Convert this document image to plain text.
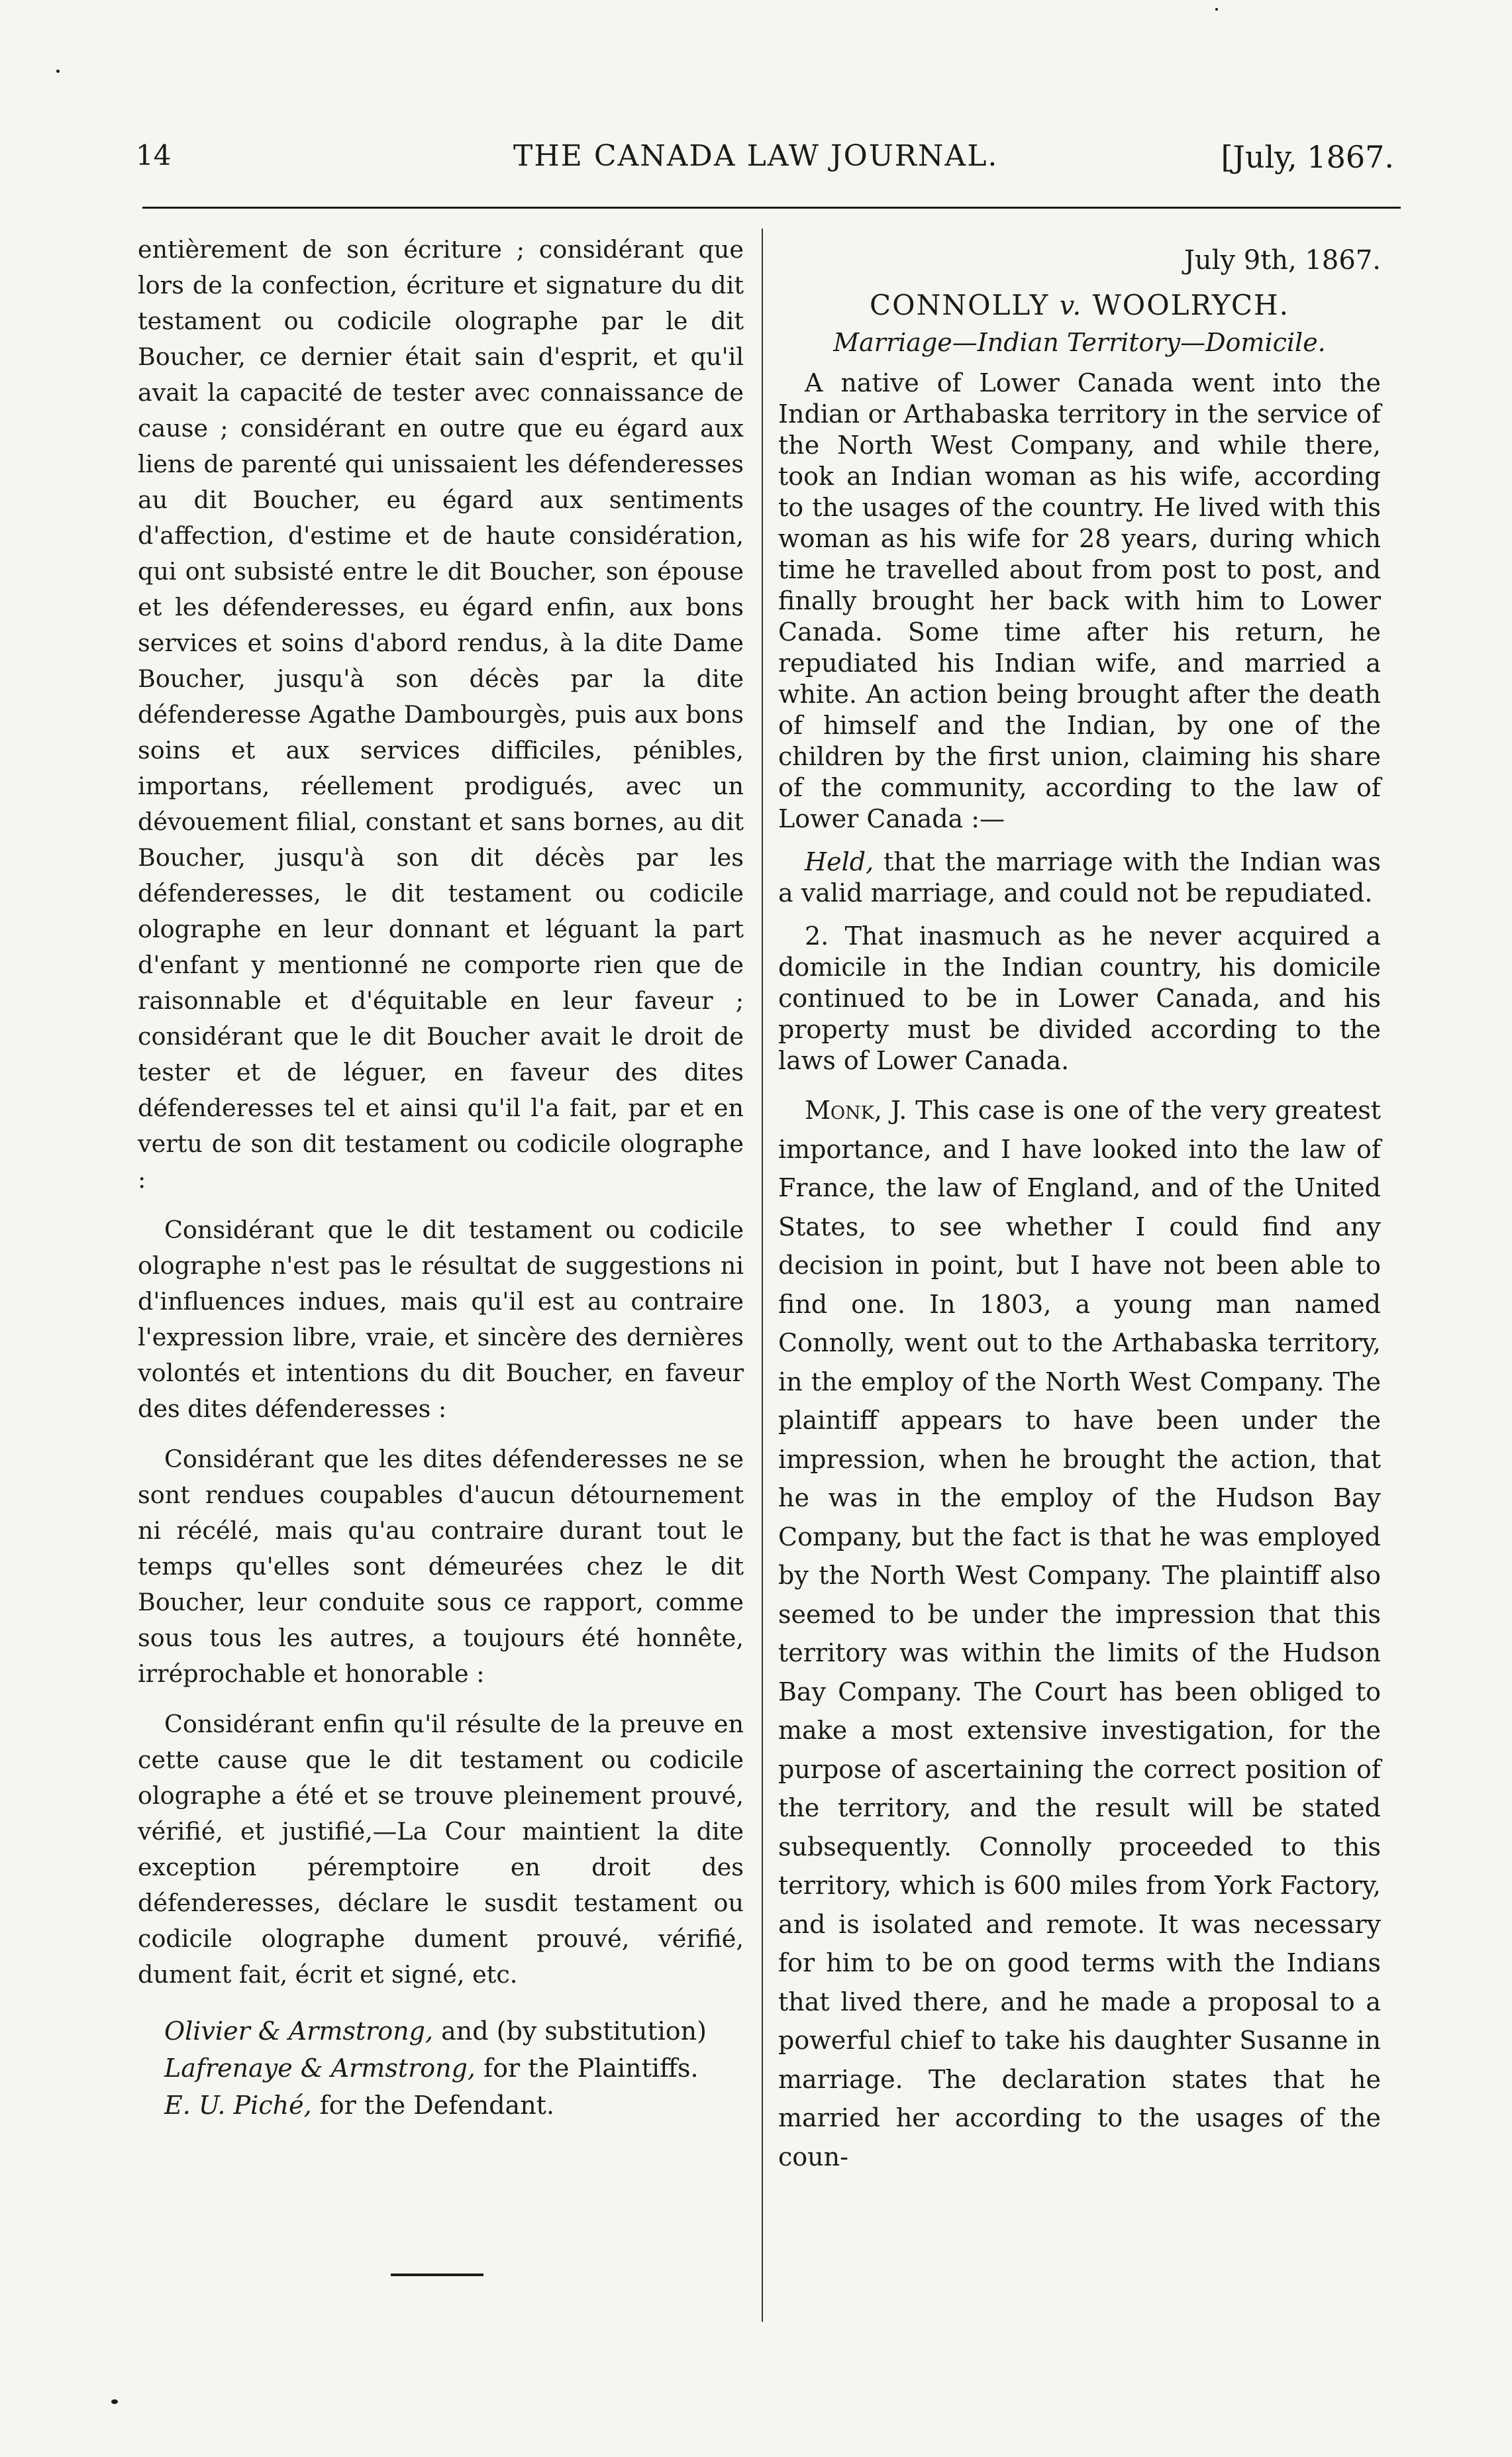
14	THE CANADA LAW JOURNAL.	[July, 1867.

entièrement de son écriture ; considérant que lors de la confection, écriture et signature du dit testament ou codicile olographe par le dit Boucher, ce dernier était sain d'esprit, et qu'il avait la capacité de tester avec connaissance de cause ; considérant en outre que eu égard aux liens de parenté qui unissaient les défenderesses au dit Boucher, eu égard aux sentiments d'affection, d'estime et de haute considération, qui ont subsisté entre le dit Boucher, son épouse et les défenderesses, eu égard enfin, aux bons services et soins d'abord rendus, à la dite Dame Boucher, jusqu'à son décès par la dite défenderesse Agathe Dambourgès, puis aux bons soins et aux services difficiles, pénibles, importans, réellement prodigués, avec un dévouement filial, constant et sans bornes, au dit Boucher, jusqu'à son dit décès par les défenderesses, le dit testament ou codicile olographe en leur donnant et léguant la part d'enfant y mentionné ne comporte rien que de raisonnable et d'équitable en leur faveur ; considérant que le dit Boucher avait le droit de tester et de léguer, en faveur des dites défenderesses tel et ainsi qu'il l'a fait, par et en vertu de son dit testament ou codicile olographe :

Considérant que le dit testament ou codicile olographe n'est pas le résultat de suggestions ni d'influences indues, mais qu'il est au contraire l'expression libre, vraie, et sincère des dernières volontés et intentions du dit Boucher, en faveur des dites défenderesses :

Considérant que les dites défenderesses ne se sont rendues coupables d'aucun détournement ni récélé, mais qu'au contraire durant tout le temps qu'elles sont démeurées chez le dit Boucher, leur conduite sous ce rapport, comme sous tous les autres, a toujours été honnête, irréprochable et honorable :

Considérant enfin qu'il résulte de la preuve en cette cause que le dit testament ou codicile olographe a été et se trouve pleinement prouvé, vérifié, et justifié,—La Cour maintient la dite exception péremptoire en droit des défenderesses, déclare le susdit testament ou codicile olographe dument prouvé, vérifié, dument fait, écrit et signé, etc.

Olivier & Armstrong, and (by substitution)
Lafrenaye & Armstrong, for the Plaintiffs.
E. U. Piché, for the Defendant.
July 9th, 1867.
CONNOLLY v. WOOLRYCH.
Marriage—Indian Territory—Domicile.

A native of Lower Canada went into the Indian or Arthabaska territory in the service of the North West Company, and while there, took an Indian woman as his wife, according to the usages of the country. He lived with this woman as his wife for 28 years, during which time he travelled about from post to post, and finally brought her back with him to Lower Canada. Some time after his return, he repudiated his Indian wife, and married a white. An action being brought after the death of himself and the Indian, by one of the children by the first union, claiming his share of the community, according to the law of Lower Canada :—

Held, that the marriage with the Indian was a valid marriage, and could not be repudiated.

2. That inasmuch as he never acquired a domicile in the Indian country, his domicile continued to be in Lower Canada, and his property must be divided according to the laws of Lower Canada.

Monk, J. This case is one of the very greatest importance, and I have looked into the law of France, the law of England, and of the United States, to see whether I could find any decision in point, but I have not been able to find one. In 1803, a young man named Connolly, went out to the Arthabaska territory, in the employ of the North West Company. The plaintiff appears to have been under the impression, when he brought the action, that he was in the employ of the Hudson Bay Company, but the fact is that he was employed by the North West Company. The plaintiff also seemed to be under the impression that this territory was within the limits of the Hudson Bay Company. The Court has been obliged to make a most extensive investigation, for the purpose of ascertaining the correct position of the territory, and the result will be stated subsequently. Connolly proceeded to this territory, which is 600 miles from York Factory, and is isolated and remote. It was necessary for him to be on good terms with the Indians that lived there, and he made a proposal to a powerful chief to take his daughter Susanne in marriage. The declaration states that he married her according to the usages of the coun-
